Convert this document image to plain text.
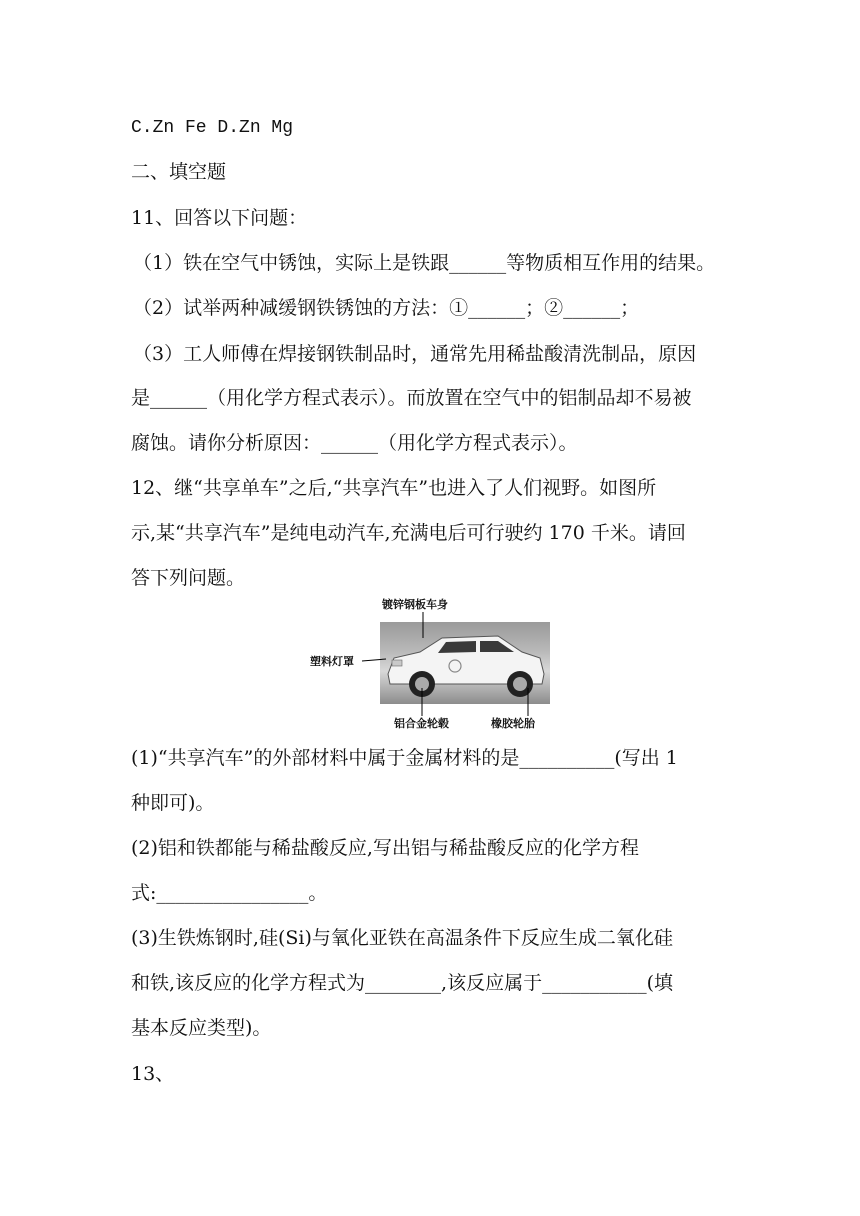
C.Zn Fe D.Zn Mg
二、填空题
11、回答以下问题：
（1）铁在空气中锈蚀，实际上是铁跟______等物质相互作用的结果。
（2）试举两种减缓钢铁锈蚀的方法：①______；②______；
（3）工人师傅在焊接钢铁制品时，通常先用稀盐酸清洗制品，原因
是______（用化学方程式表示）。而放置在空气中的铝制品却不易被
腐蚀。请你分析原因：______（用化学方程式表示）。
12、继“共享单车”之后,“共享汽车”也进入了人们视野。如图所
示,某“共享汽车”是纯电动汽车,充满电后可行驶约 170 千米。请回
答下列问题。
镀锌钢板车身
塑料灯罩
铝合金轮毂	橡胶轮胎
(1)“共享汽车”的外部材料中属于金属材料的是__________(写出 1
种即可)。
(2)铝和铁都能与稀盐酸反应,写出铝与稀盐酸反应的化学方程
式:________________。
(3)生铁炼钢时,硅(Si)与氧化亚铁在高温条件下反应生成二氧化硅
和铁,该反应的化学方程式为________,该反应属于___________(填
基本反应类型)。
13、
